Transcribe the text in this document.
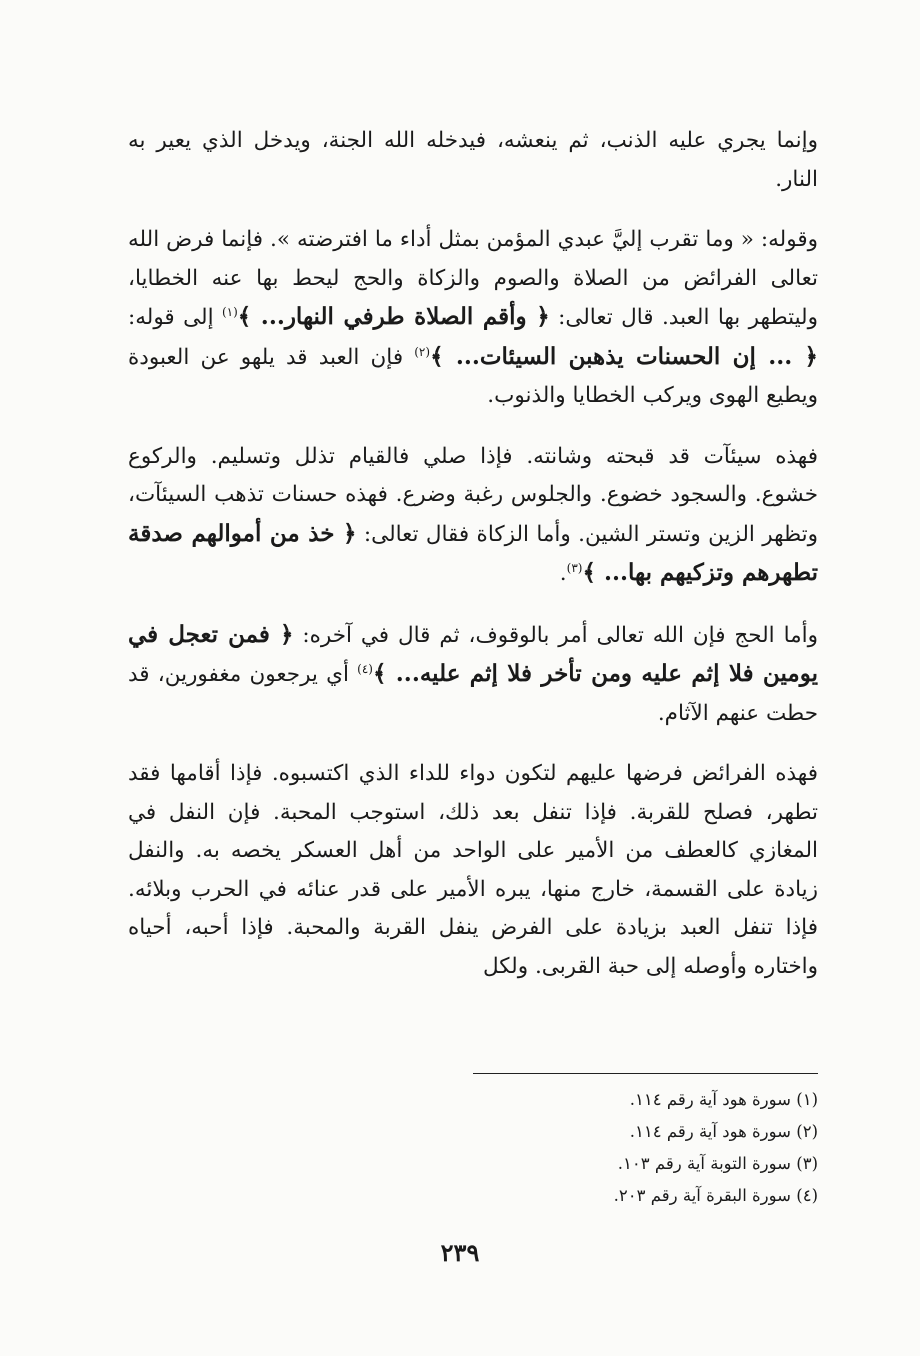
وإنما يجري عليه الذنب، ثم ينعشه، فيدخله الله الجنة، ويدخل الذي يعير به النار.

وقوله: « وما تقرب إليَّ عبدي المؤمن بمثل أداء ما افترضته ». فإنما فرض الله تعالى الفرائض من الصلاة والصوم والزكاة والحج ليحط بها عنه الخطايا، وليتطهر بها العبد. قال تعالى: ﴿ وأقم الصلاة طرفي النهار... ﴾$^{(١)}$ إلى قوله: ﴿ ... إن الحسنات يذهبن السيئات... ﴾$^{(٢)}$ فإن العبد قد يلهو عن العبودة ويطيع الهوى ويركب الخطايا والذنوب.

فهذه سيئآت قد قبحته وشانته. فإذا صلي فالقيام تذلل وتسليم. والركوع خشوع. والسجود خضوع. والجلوس رغبة وضرع. فهذه حسنات تذهب السيئآت، وتظهر الزين وتستر الشين. وأما الزكاة فقال تعالى: ﴿ خذ من أموالهم صدقة تطهرهم وتزكيهم بها... ﴾$^{(٣)}$.

وأما الحج فإن الله تعالى أمر بالوقوف، ثم قال في آخره: ﴿ فمن تعجل في يومين فلا إثم عليه ومن تأخر فلا إثم عليه... ﴾$^{(٤)}$ أي يرجعون مغفورين، قد حطت عنهم الآثام.

فهذه الفرائض فرضها عليهم لتكون دواء للداء الذي اكتسبوه. فإذا أقامها فقد تطهر، فصلح للقربة. فإذا تنفل بعد ذلك، استوجب المحبة. فإن النفل في المغازي كالعطف من الأمير على الواحد من أهل العسكر يخصه به. والنفل زيادة على القسمة، خارج منها، يبره الأمير على قدر عنائه في الحرب وبلائه. فإذا تنفل العبد بزيادة على الفرض ينفل القربة والمحبة. فإذا أحبه، أحياه واختاره وأوصله إلى حبة القربى. ولكل

(١) سورة هود آية رقم ١١٤.
(٢) سورة هود آية رقم ١١٤.
(٣) سورة التوبة آية رقم ١٠٣.
(٤) سورة البقرة آية رقم ٢٠٣.
٢٣٩
